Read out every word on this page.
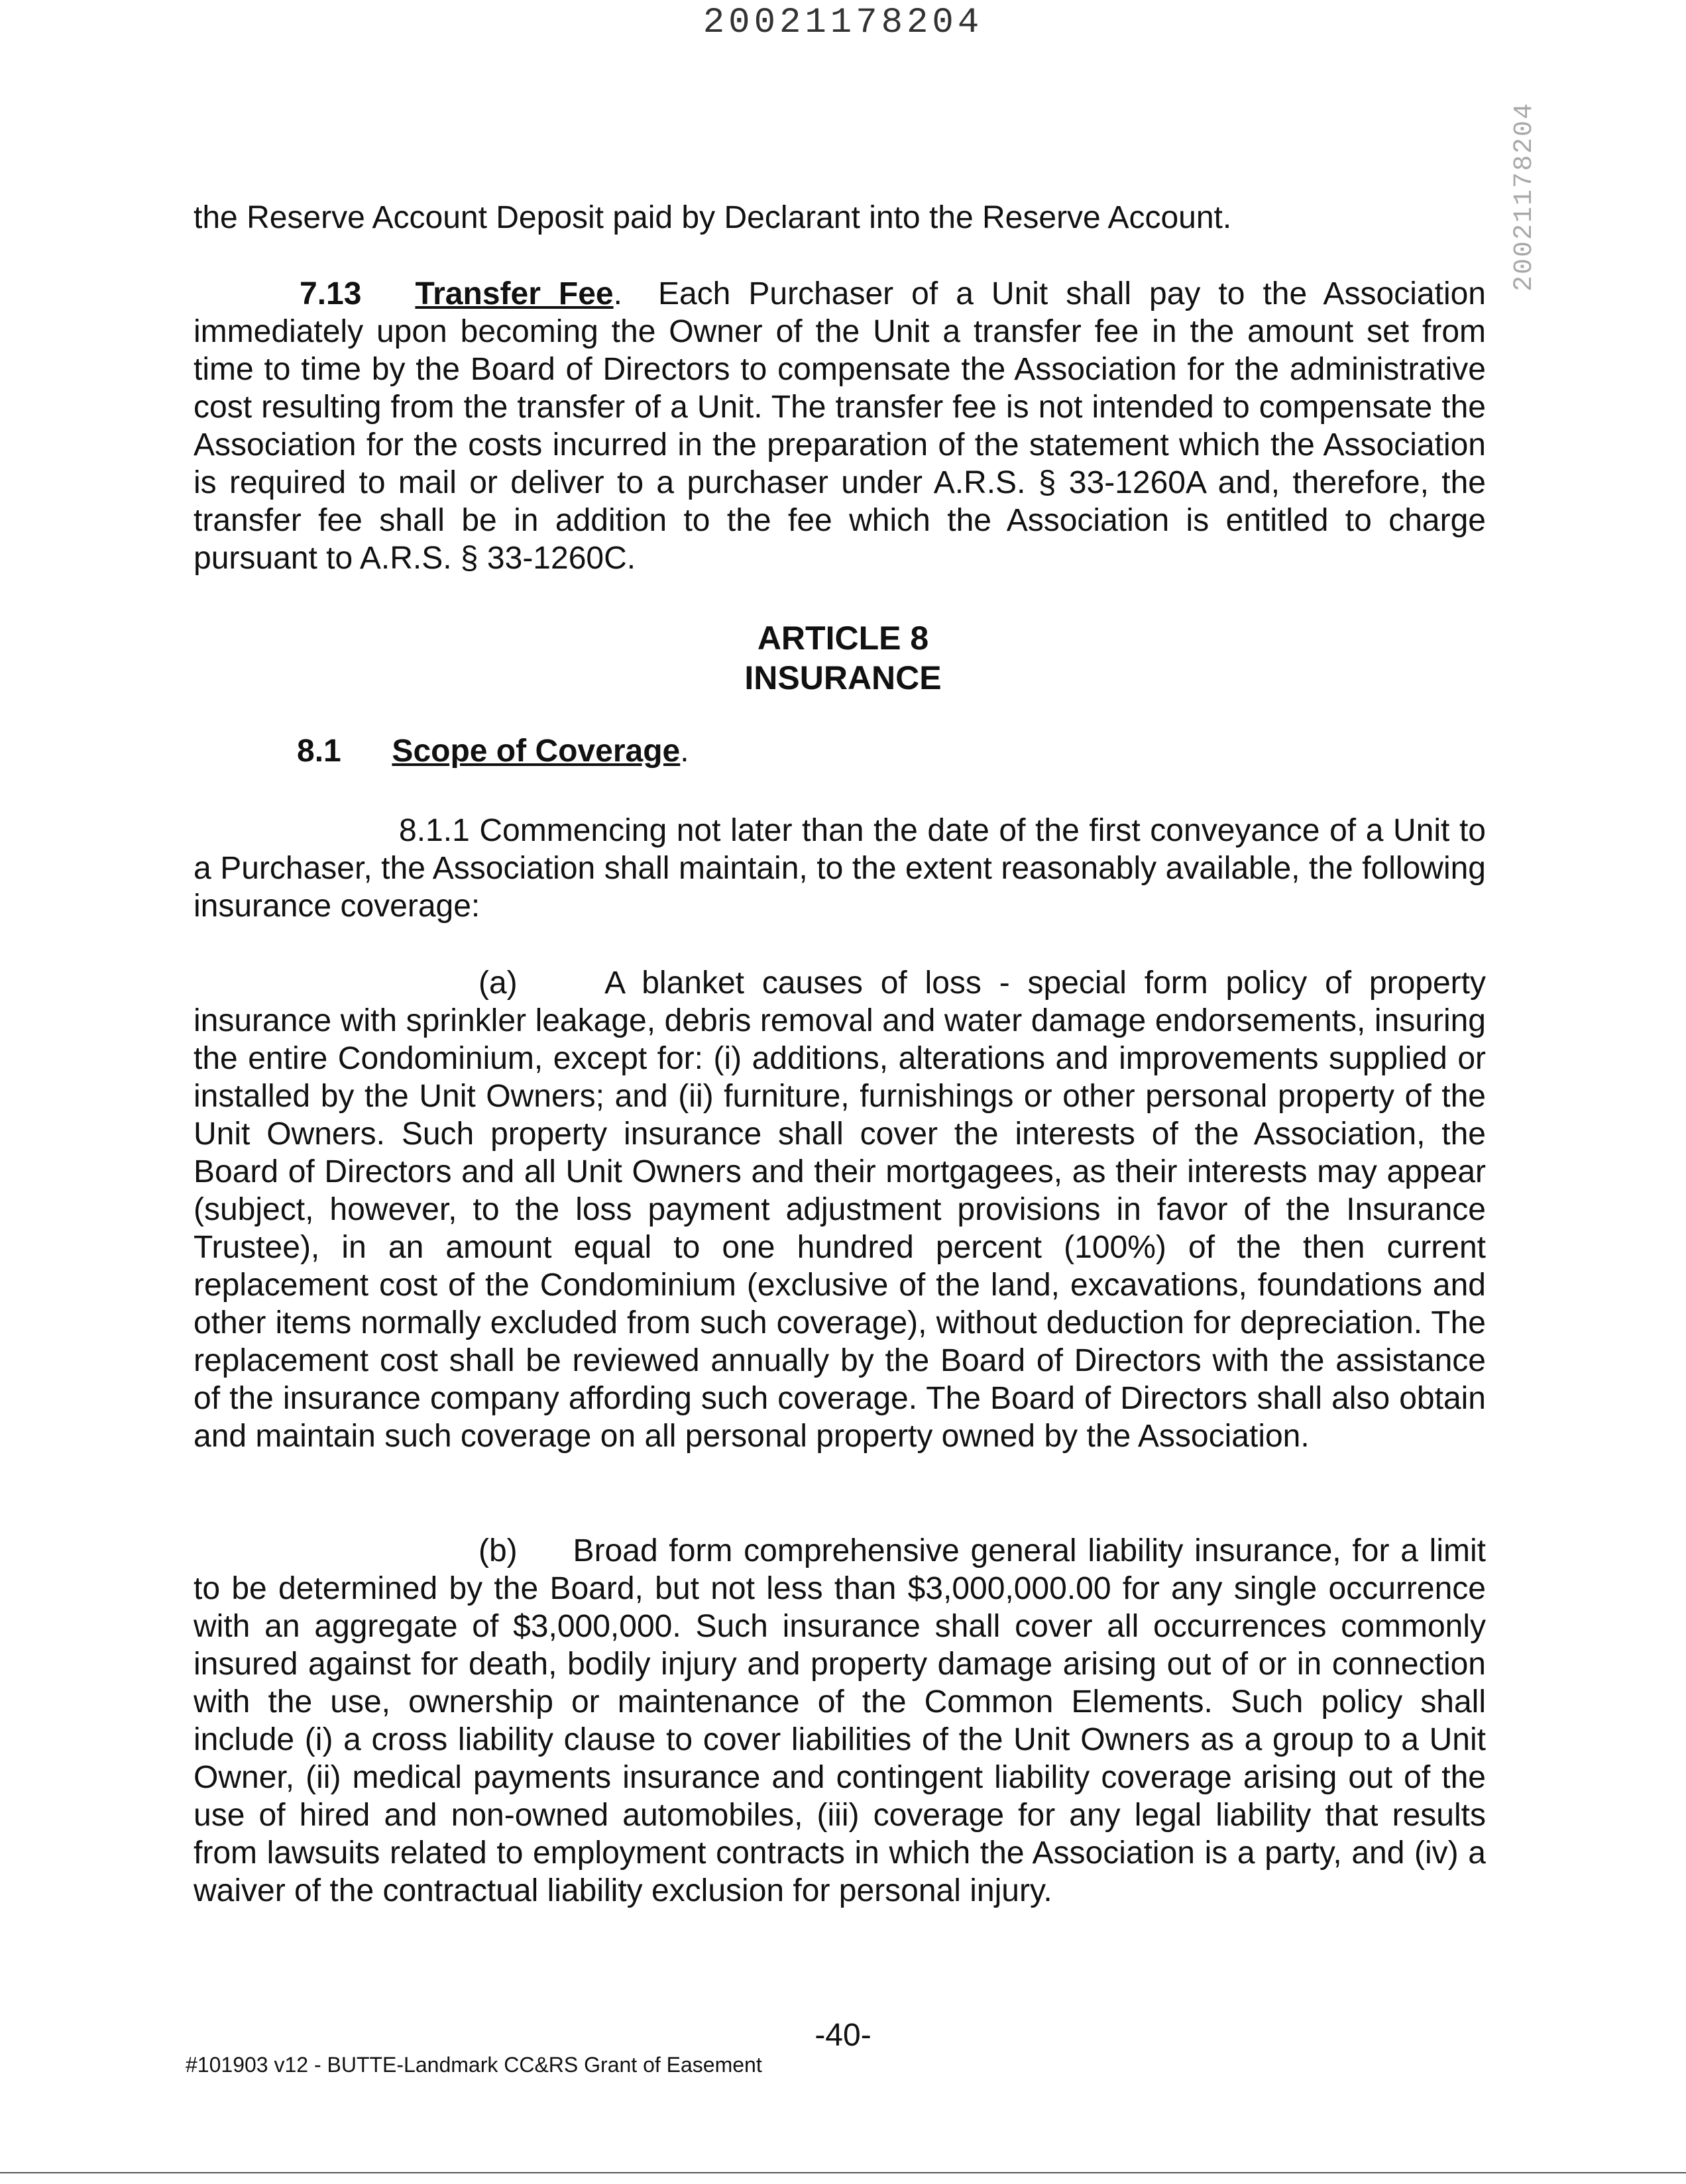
20021178204
20021178204

the Reserve Account Deposit paid by Declarant into the Reserve Account.

7.13 Transfer Fee.  Each Purchaser of a Unit shall pay to the Association immediately upon becoming the Owner of the Unit a transfer fee in the amount set from time to time by the Board of Directors to compensate the Association for the administrative cost resulting from the transfer of a Unit. The transfer fee is not intended to compensate the Association for the costs incurred in the preparation of the statement which the Association is required to mail or deliver to a purchaser under A.R.S. § 33-1260A and, therefore, the transfer fee shall be in addition to the fee which the Association is entitled to charge pursuant to A.R.S. § 33-1260C.

ARTICLE 8
INSURANCE
8.1 Scope of Coverage.

8.1.1 Commencing not later than the date of the first conveyance of a Unit to a Purchaser, the Association shall maintain, to the extent reasonably available, the following insurance coverage:

(a)	A blanket causes of loss - special form policy of property insurance with sprinkler leakage, debris removal and water damage endorsements, insuring the entire Condominium, except for: (i) additions, alterations and improvements supplied or installed by the Unit Owners; and (ii) furniture, furnishings or other personal property of the Unit Owners. Such property insurance shall cover the interests of the Association, the Board of Directors and all Unit Owners and their mortgagees, as their interests may appear (subject, however, to the loss payment adjustment provisions in favor of the Insurance Trustee), in an amount equal to one hundred percent (100%) of the then current replacement cost of the Condominium (exclusive of the land, excavations, foundations and other items normally excluded from such coverage), without deduction for depreciation. The replacement cost shall be reviewed annually by the Board of Directors with the assistance of the insurance company affording such coverage. The Board of Directors shall also obtain and maintain such coverage on all personal property owned by the Association.

(b) Broad form comprehensive general liability insurance, for a limit to be determined by the Board, but not less than $3,000,000.00 for any single occurrence with an aggregate of $3,000,000. Such insurance shall cover all occurrences commonly insured against for death, bodily injury and property damage arising out of or in connection with the use, ownership or maintenance of the Common Elements. Such policy shall include (i) a cross liability clause to cover liabilities of the Unit Owners as a group to a Unit Owner, (ii) medical payments insurance and contingent liability coverage arising out of the use of hired and non-owned automobiles, (iii) coverage for any legal liability that results from lawsuits related to employment contracts in which the Association is a party, and (iv) a waiver of the contractual liability exclusion for personal injury.

-40-
#101903 v12 - BUTTE-Landmark CC&RS Grant of Easement
